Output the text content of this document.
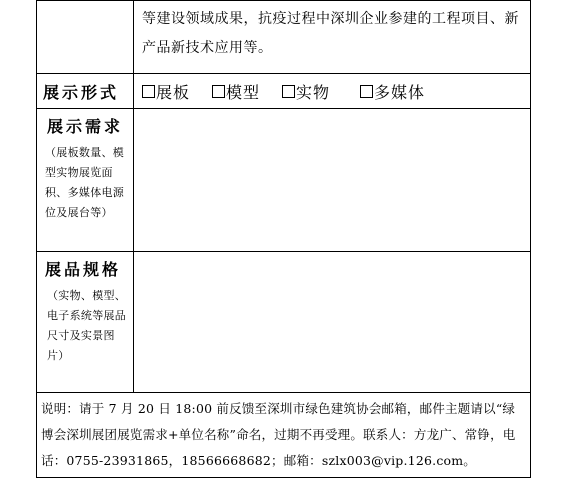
	等建设领域成果，抗疫过程中深圳企业参建的工程项目、新产品新技术应用等。

展示形式	展板 模型 实物 多媒体

展示需求
（展板数量、模型实物展览面积、多媒体电源位及展台等）	

展品规格
（实物、模型、电子系统等展品尺寸及实景图片）	

说明：请于 7 月 20 日 18:00 前反馈至深圳市绿色建筑协会邮箱，邮件主题请以“绿博会深圳展团展览需求+单位名称”命名，过期不再受理。联系人：方龙广、常铮，电话：0755-23931865，18566668682；邮箱：szlx003@vip.126.com。	
